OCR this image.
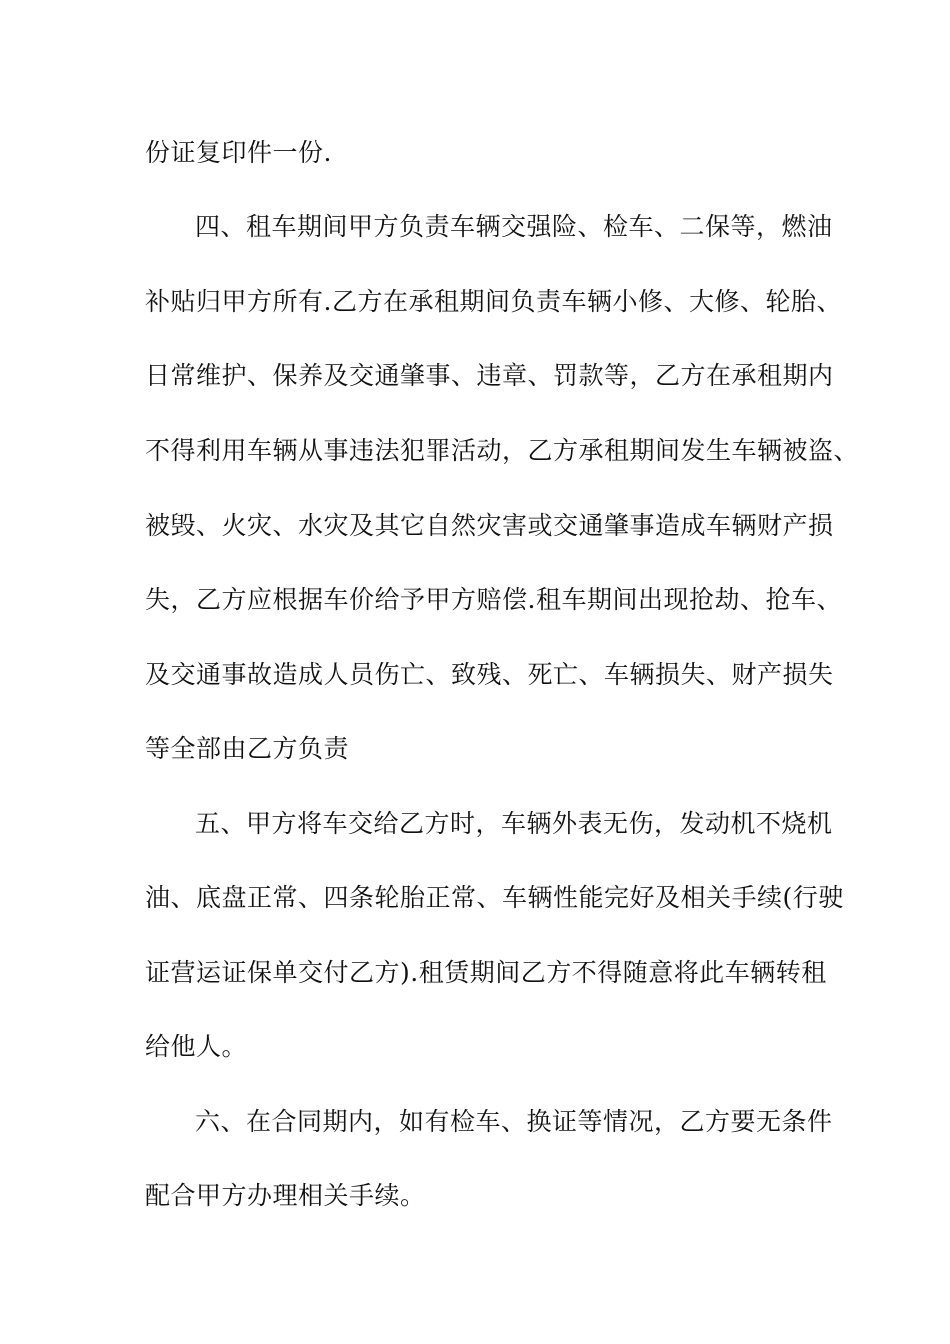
份证复印件一份.
四、租车期间甲方负责车辆交强险、检车、二保等，燃油
补贴归甲方所有.乙方在承租期间负责车辆小修、大修、轮胎、
日常维护、保养及交通肇事、违章、罚款等，乙方在承租期内
不得利用车辆从事违法犯罪活动，乙方承租期间发生车辆被盗、
被毁、火灾、水灾及其它自然灾害或交通肇事造成车辆财产损
失，乙方应根据车价给予甲方赔偿.租车期间出现抢劫、抢车、
及交通事故造成人员伤亡、致残、死亡、车辆损失、财产损失
等全部由乙方负责
五、甲方将车交给乙方时，车辆外表无伤，发动机不烧机
油、底盘正常、四条轮胎正常、车辆性能完好及相关手续(行驶
证营运证保单交付乙方).租赁期间乙方不得随意将此车辆转租
给他人。
六、在合同期内，如有检车、换证等情况，乙方要无条件
配合甲方办理相关手续。
